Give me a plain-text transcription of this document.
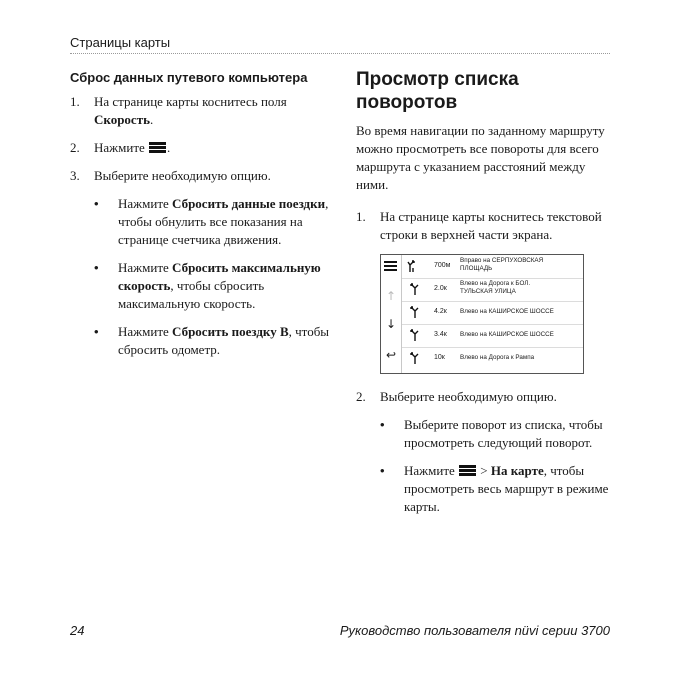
Страницы карты
Сброс данных путевого компьютера
1.	На странице карты коснитесь поля Скорость.
2.	Нажмите .
3.	Выберите необходимую опцию.
•	Нажмите Сбросить данные поездки, чтобы обнулить все показания на странице счетчика движения.
•	Нажмите Сбросить максимальную скорость, чтобы сбросить максимальную скорость.
•	Нажмите Сбросить поездку В, чтобы сбросить одометр.
Просмотр списка поворотов

Во время навигации по заданному маршруту можно просмотреть все повороты для всего маршрута с указанием расстояний между ними.

1.	На странице карты коснитесь текстовой строки в верхней части экрана.
↑
↓
↩
700м
Вправо на СЕРПУХОВСКАЯ
ПЛОЩАДЬ
2.0к
Влево на Дорога к БОЛ.
ТУЛЬСКАЯ УЛИЦА
4.2к Влево на КАШИРСКОЕ ШОССЕ
3.4к Влево на КАШИРСКОЕ ШОССЕ
10к Влево на Дорога к Рампа
2.	Выберите необходимую опцию.
•	Выберите поворот из списка, чтобы просмотреть следующий поворот.
•	Нажмите  > На карте, чтобы просмотреть весь маршрут в режиме карты.
24	Руководство пользователя nüvi серии 3700
